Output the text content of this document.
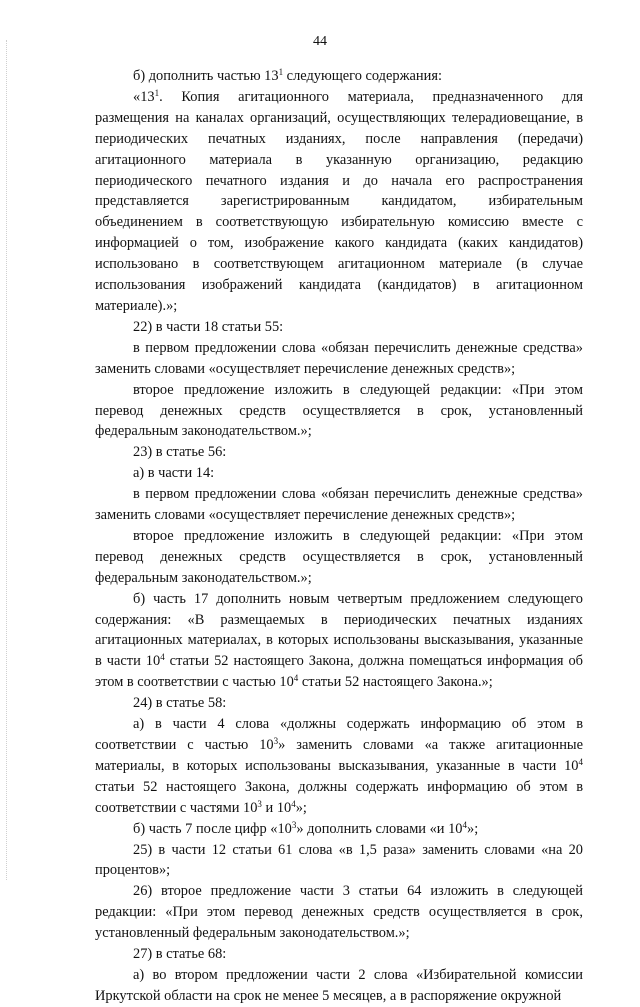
44

б) дополнить частью $13^1$ следующего содержания:

«$13^1$. Копия агитационного материала, предназначенного для размещения на каналах организаций, осуществляющих телерадиовещание, в периодических печатных изданиях, после направления (передачи) агитационного материала в указанную организацию, редакцию периодического печатного издания и до начала его распространения представляется зарегистрированным кандидатом, избирательным объединением в соответствующую избирательную комиссию вместе с информацией о том, изображение какого кандидата (каких кандидатов) использовано в соответствующем агитационном материале (в случае использования изображений кандидата (кандидатов) в агитационном материале).»;

22) в части 18 статьи 55:

в первом предложении слова «обязан перечислить денежные средства» заменить словами «осуществляет перечисление денежных средств»;

второе предложение изложить в следующей редакции: «При этом перевод денежных средств осуществляется в срок, установленный федеральным законодательством.»;

23) в статье 56:

а) в части 14:

в первом предложении слова «обязан перечислить денежные средства» заменить словами «осуществляет перечисление денежных средств»;

второе предложение изложить в следующей редакции: «При этом перевод денежных средств осуществляется в срок, установленный федеральным законодательством.»;

б) часть 17 дополнить новым четвертым предложением следующего содержания: «В размещаемых в периодических печатных изданиях агитационных материалах, в которых использованы высказывания, указанные в части $10^4$ статьи 52 настоящего Закона, должна помещаться информация об этом в соответствии с частью $10^4$ статьи 52 настоящего Закона.»;

24) в статье 58:

а) в части 4 слова «должны содержать информацию об этом в соответствии с частью $10^3$» заменить словами «а также агитационные материалы, в которых использованы высказывания, указанные в части $10^4$ статьи 52 настоящего Закона, должны содержать информацию об этом в соответствии с частями $10^3$ и $10^4$»;

б) часть 7 после цифр «$10^3$» дополнить словами «и $10^4$»;

25) в части 12 статьи 61 слова «в 1,5 раза» заменить словами «на 20 процентов»;

26) второе предложение части 3 статьи 64 изложить в следующей редакции: «При этом перевод денежных средств осуществляется в срок, установленный федеральным законодательством.»;

27) в статье 68:

а) во втором предложении части 2 слова «Избирательной комиссии Иркутской области на срок не менее 5 месяцев, а в распоряжение окружной
